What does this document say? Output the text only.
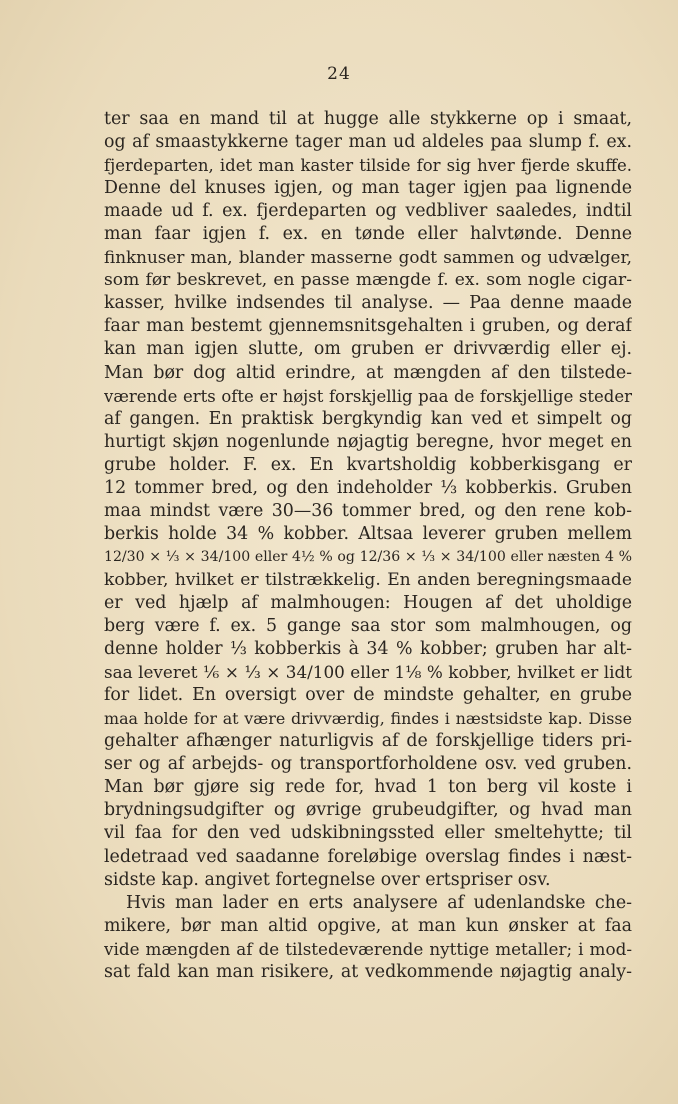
24
ter saa en mand til at hugge alle stykkerne op i smaat,
og af smaastykkerne tager man ud aldeles paa slump f. ex.
fjerdeparten, idet man kaster tilside for sig hver fjerde skuffe.
Denne del knuses igjen, og man tager igjen paa lignende
maade ud f. ex. fjerdeparten og vedbliver saaledes, indtil
man faar igjen f. ex. en tønde eller halvtønde. Denne
finknuser man, blander masserne godt sammen og udvælger,
som før beskrevet, en passe mængde f. ex. som nogle cigar-
kasser, hvilke indsendes til analyse. — Paa denne maade
faar man bestemt gjennemsnitsgehalten i gruben, og deraf
kan man igjen slutte, om gruben er drivværdig eller ej.
Man bør dog altid erindre, at mængden af den tilstede-
værende erts ofte er højst forskjellig paa de forskjellige steder
af gangen. En praktisk bergkyndig kan ved et simpelt og
hurtigt skjøn nogenlunde nøjagtig beregne, hvor meget en
grube holder. F. ex. En kvartsholdig kobberkisgang er
12 tommer bred, og den indeholder ⅓ kobberkis. Gruben
maa mindst være 30—36 tommer bred, og den rene kob-
berkis holde 34 % kobber. Altsaa leverer gruben mellem
12/30 × ⅓ × 34/100 eller 4½ % og 12/36 × ⅓ × 34/100 eller næsten 4 %
kobber, hvilket er tilstrækkelig. En anden beregningsmaade
er ved hjælp af malmhougen: Hougen af det uholdige
berg være f. ex. 5 gange saa stor som malmhougen, og
denne holder ⅓ kobberkis à 34 % kobber; gruben har alt-
saa leveret ⅙ × ⅓ × 34/100 eller 1⅛ % kobber, hvilket er lidt
for lidet. En oversigt over de mindste gehalter, en grube
maa holde for at være drivværdig, findes i næstsidste kap. Disse
gehalter afhænger naturligvis af de forskjellige tiders pri-
ser og af arbejds- og transportforholdene osv. ved gruben.
Man bør gjøre sig rede for, hvad 1 ton berg vil koste i
brydningsudgifter og øvrige grubeudgifter, og hvad man
vil faa for den ved udskibningssted eller smeltehytte; til
ledetraad ved saadanne foreløbige overslag findes i næst-
sidste kap. angivet fortegnelse over ertspriser osv.
Hvis man lader en erts analysere af udenlandske che-
mikere, bør man altid opgive, at man kun ønsker at faa
vide mængden af de tilstedeværende nyttige metaller; i mod-
sat fald kan man risikere, at vedkommende nøjagtig analy-
